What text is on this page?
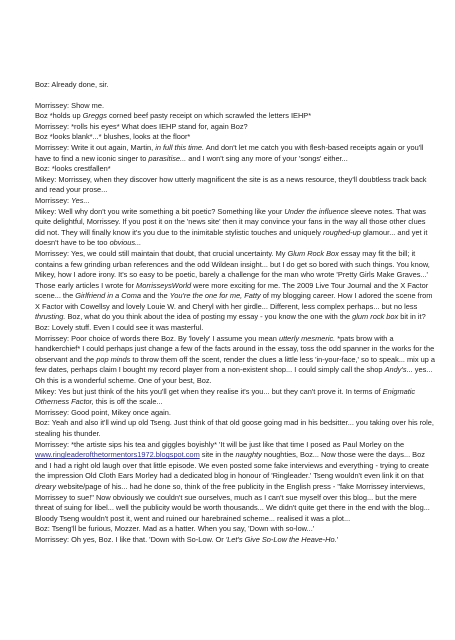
Boz: Already done, sir.

Morrissey: Show me.

Boz *holds up Greggs corned beef pasty receipt on which scrawled the letters IEHP*

Morrissey: *rolls his eyes* What does IEHP stand for, again Boz?

Boz *looks blank*...* blushes, looks at the floor*

Morrissey: Write it out again, Martin, in full this time. And don't let me catch you with flesh-based receipts again or you'll have to find a new iconic singer to parasitise... and I won't sing any more of your 'songs' either...

Boz: *looks crestfallen*

Mikey: Morrissey, when they discover how utterly magnificent the site is as a news resource, they'll doubtless track back and read your prose...

Morrissey: Yes...

Mikey: Well why don't you write something a bit poetic? Something like your Under the influence sleeve notes. That was quite delightful, Morrissey. If you post it on the 'news site' then it may convince your fans in the way all those other clues did not. They will finally know it's you due to the inimitable stylistic touches and uniquely roughed-up glamour... and yet it doesn't have to be too obvious...

Morrissey: Yes, we could still maintain that doubt, that crucial uncertainty. My Glum Rock Box essay may fit the bill; it contains a few grinding urban references and the odd Wildean insight... but I do get so bored with such things. You know, Mikey, how I adore irony. It's so easy to be poetic, barely a challenge for the man who wrote 'Pretty Girls Make Graves...' Those early articles I wrote for MorrisseysWorld were more exciting for me. The 2009 Live Tour Journal and the X Factor scene... the Girlfriend in a Coma and the You're the one for me, Fatty of my blogging career. How I adored the scene from X Factor with Cowellsy and lovely Louie W. and Cheryl with her girdle... Different, less complex perhaps... but no less thrusting. Boz, what do you think about the idea of posting my essay - you know the one with the glum rock box bit in it?

Boz: Lovely stuff. Even I could see it was masterful.

Morrissey: Poor choice of words there Boz. By 'lovely' I assume you mean utterly mesmeric. *pats brow with a handkerchief* I could perhaps just change a few of the facts around in the essay, toss the odd spanner in the works for the observant and the pop minds to throw them off the scent, render the clues a little less 'in-your-face,' so to speak... mix up a few dates, perhaps claim I bought my record player from a non-existent shop... I could simply call the shop Andy's... yes... Oh this is a wonderful scheme. One of your best, Boz.

Mikey: Yes but just think of the hits you'll get when they realise it's you... but they can't prove it. In terms of Enigmatic Otherness Factor, this is off the scale...

Morrissey: Good point, Mikey once again.

Boz: Yeah and also it'll wind up old Tseng. Just think of that old goose going mad in his bedsitter... you taking over his role, stealing his thunder.

Morrissey: *the artiste sips his tea and giggles boyishly* 'It will be just like that time I posed as Paul Morley on the www.ringleaderofthetormentors1972.blogspot.com site in the naughty noughties, Boz... Now those were the days... Boz and I had a right old laugh over that little episode. We even posted some fake interviews and everything - trying to create the impression Old Cloth Ears Morley had a dedicated blog in honour of 'Ringleader.' Tseng wouldn't even link it on that dreary website/page of his... had he done so, think of the free publicity in the English press - "fake Morrissey interviews, Morrissey to sue!" Now obviously we couldn't sue ourselves, much as I can't sue myself over this blog... but the mere threat of suing for libel... well the publicity would be worth thousands... We didn't quite get there in the end with the blog... Bloody Tseng wouldn't post it, went and ruined our harebrained scheme... realised it was a plot...

Boz: Tseng'll be furious, Mozzer. Mad as a hatter. When you say, 'Down with so-low...'

Morrissey: Oh yes, Boz. I like that. 'Down with So-Low. Or 'Let's Give So-Low the Heave-Ho.'
